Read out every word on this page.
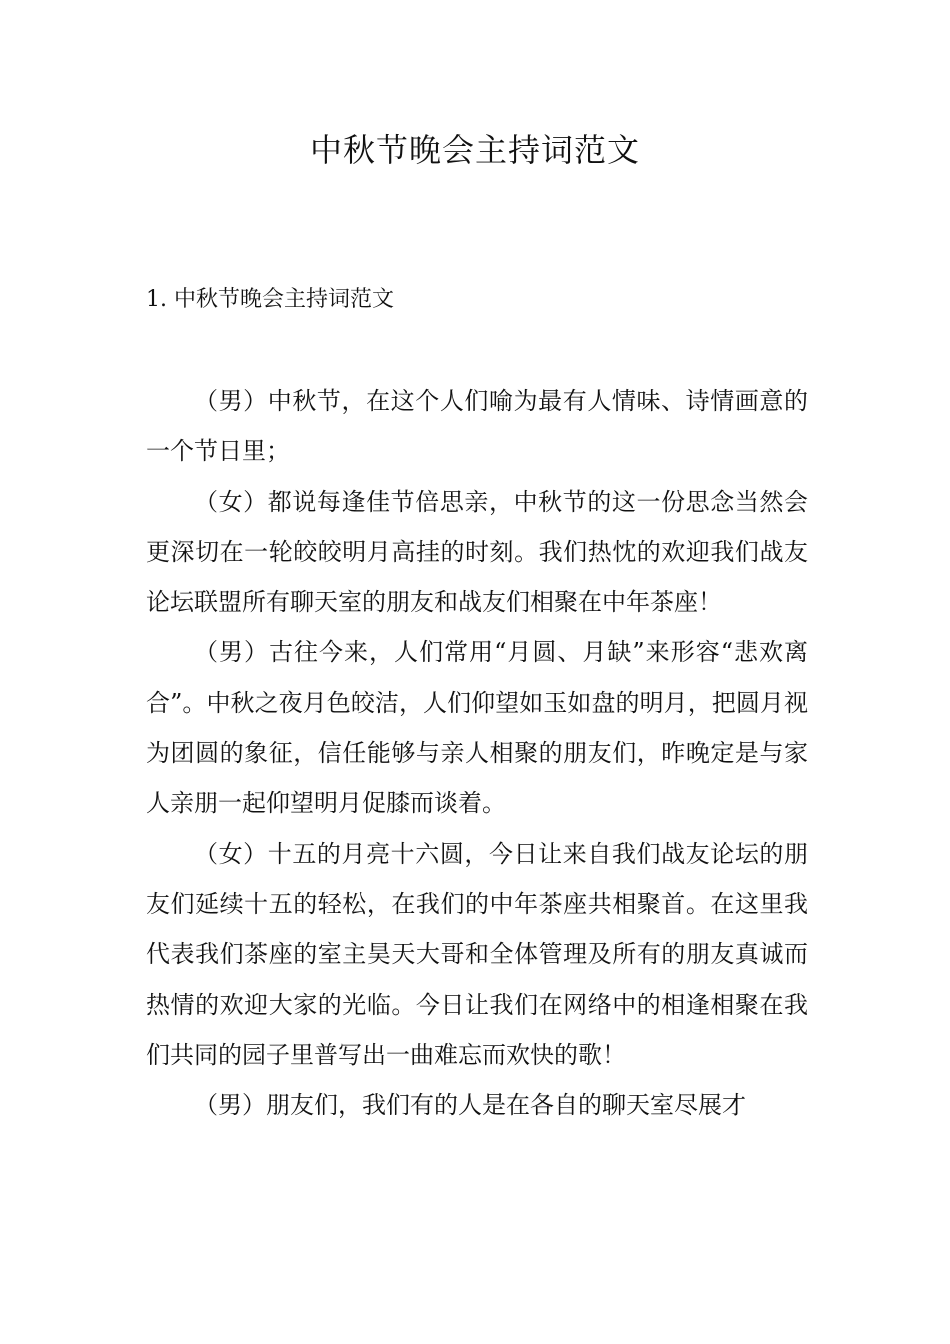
中秋节晚会主持词范文
1. 中秋节晚会主持词范文

（男）中秋节，在这个人们喻为最有人情味、诗情画意的一个节日里；

（女）都说每逢佳节倍思亲，中秋节的这一份思念当然会更深切在一轮皎皎明月高挂的时刻。我们热忱的欢迎我们战友论坛联盟所有聊天室的朋友和战友们相聚在中年茶座！

（男）古往今来，人们常用“月圆、月缺”来形容“悲欢离合”。中秋之夜月色皎洁，人们仰望如玉如盘的明月，把圆月视为团圆的象征，信任能够与亲人相聚的朋友们，昨晚定是与家人亲朋一起仰望明月促膝而谈着。

（女）十五的月亮十六圆，今日让来自我们战友论坛的朋友们延续十五的轻松，在我们的中年茶座共相聚首。在这里我代表我们茶座的室主昊天大哥和全体管理及所有的朋友真诚而热情的欢迎大家的光临。今日让我们在网络中的相逢相聚在我们共同的园子里普写出一曲难忘而欢快的歌！

（男）朋友们，我们有的人是在各自的聊天室尽展才
